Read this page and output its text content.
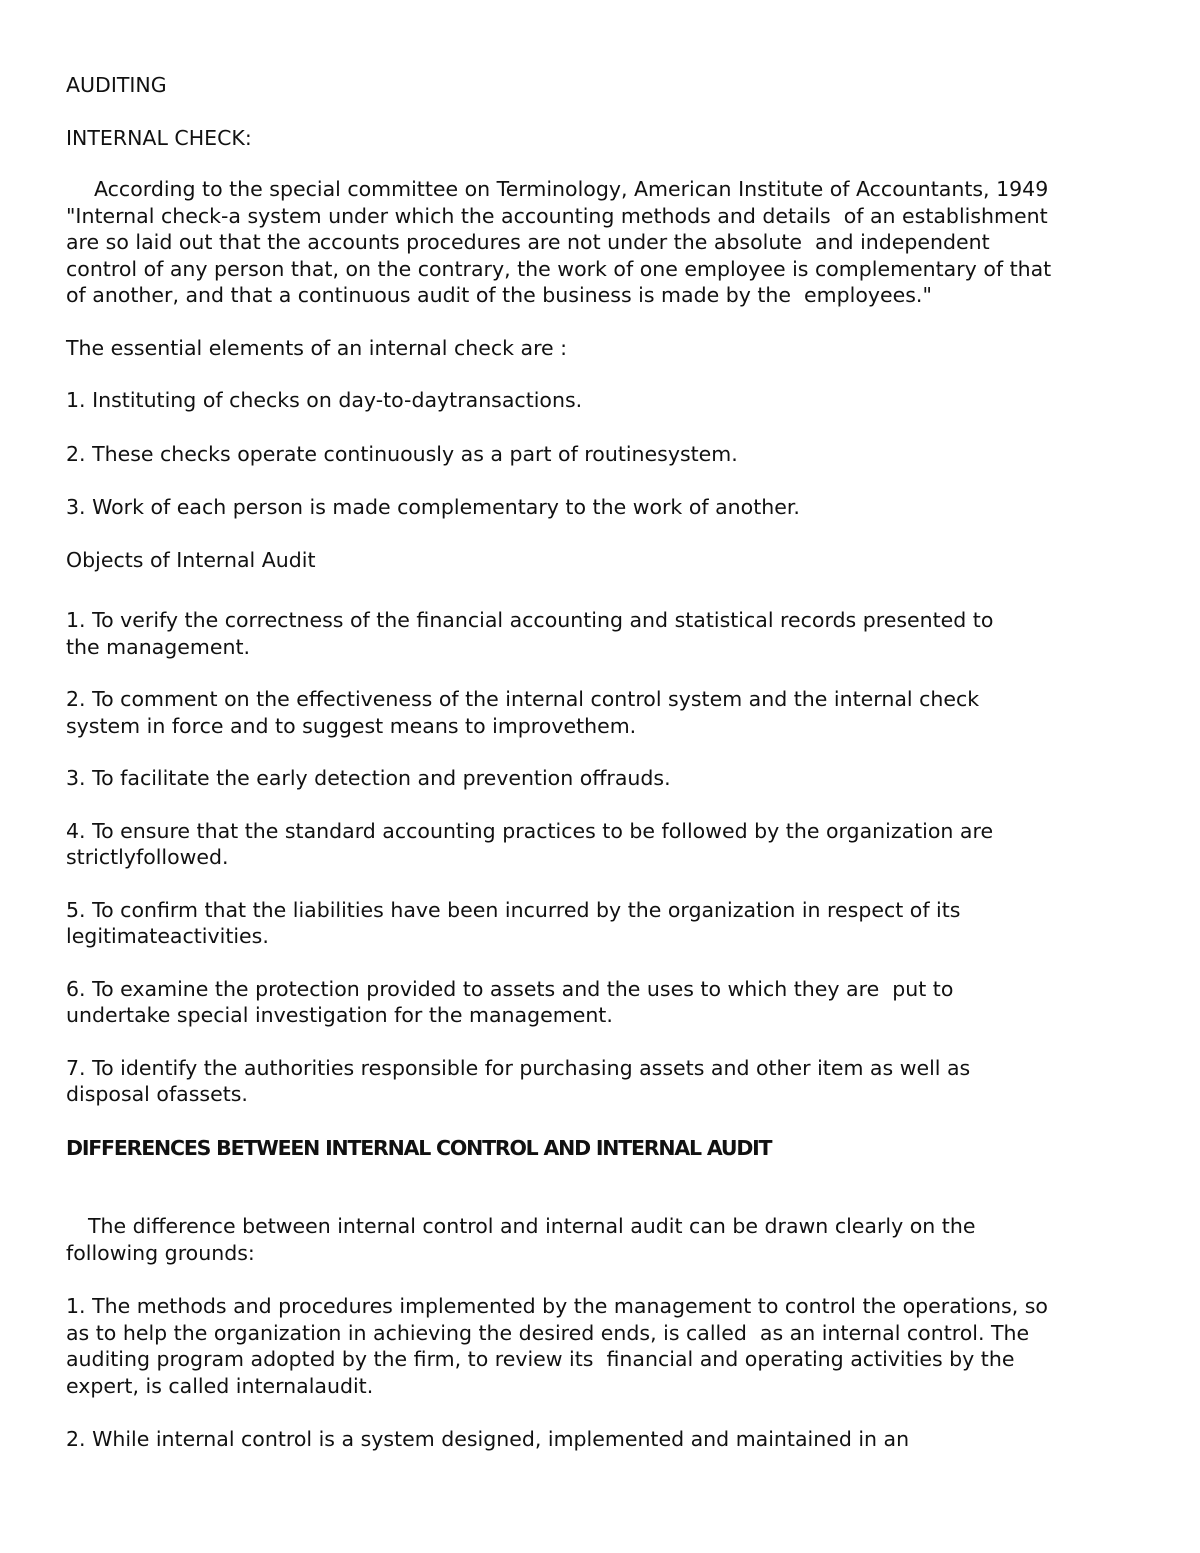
AUDITING

INTERNAL CHECK:

According to the special committee on Terminology, American Institute of Accountants, 1949 "Internal check-a system under which the accounting methods and details  of an establishment are so laid out that the accounts procedures are not under the absolute  and independent control of any person that, on the contrary, the work of one employee is complementary of that of another, and that a continuous audit of the business is made by the  employees."

The essential elements of an internal check are :

1. Instituting of checks on day-to-daytransactions.

2. These checks operate continuously as a part of routinesystem.

3. Work of each person is made complementary to the work of another.

Objects of Internal Audit

1. To verify the correctness of the financial accounting and statistical records presented to the management.

2. To comment on the effectiveness of the internal control system and the internal check system in force and to suggest means to improvethem.

3. To facilitate the early detection and prevention offrauds.

4. To ensure that the standard accounting practices to be followed by the organization are strictlyfollowed.

5. To confirm that the liabilities have been incurred by the organization in respect of its legitimateactivities.

6. To examine the protection provided to assets and the uses to which they are  put to undertake special investigation for the management.

7. To identify the authorities responsible for purchasing assets and other item as well as disposal ofassets.

DIFFERENCES BETWEEN INTERNAL CONTROL AND INTERNAL AUDIT

The difference between internal control and internal audit can be drawn clearly on the following grounds:

1. The methods and procedures implemented by the management to control the operations, so as to help the organization in achieving the desired ends, is called  as an internal control. The auditing program adopted by the firm, to review its  financial and operating activities by the expert, is called internalaudit.

2. While internal control is a system designed, implemented and maintained in an
